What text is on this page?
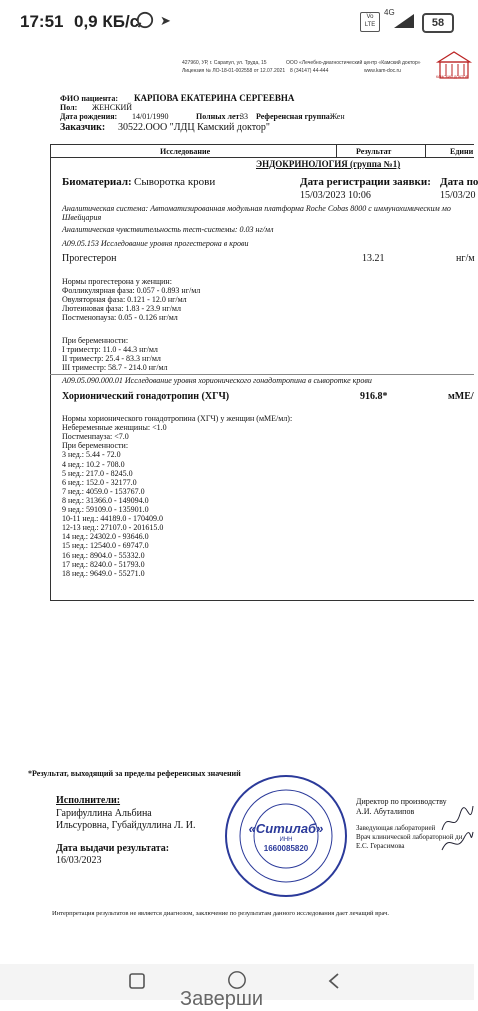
17:51 0,9 КБ/с ➤	Vo
LTE
4G
58
427960, УР, г. Сарапул, ул. Труда, 15
Лицензия № ЛО-18-01-002558 от 12.07.2021
ООО «Лечебно-диагностический центр «Камский доктор»
8 (34147) 44-444	www.kam-doc.ru
КАМСКИЙ ДОКТОР
ФИО пациента: КАРПОВА ЕКАТЕРИНА СЕРГЕЕВНА
Пол: ЖЕНСКИЙ
Дата рождения: 14/01/1990	Полных лет:
33 Референсная группа:
Жен
Заказчик: 30522.ООО "ЛДЦ Камский доктор"
Исследование	Результат	Едини
ЭНДОКРИНОЛОГИЯ (группа №1)
Биоматериал: Сыворотка крови	Дата регистрации заявки:
15/03/2023 10:06
Дата по
15/03/20
Аналитическая система: Автоматизированная модульная платформа Roche Cobas 8000 с иммунохимическим мо
Швейцария
Аналитическая чувствительность тест-системы: 0.03 нг/мл
А09.05.153 Исследование уровня прогестерона в крови
Прогестерон	13.21	нг/м
Нормы прогестерона у женщин:
Фолликулярная фаза: 0.057 - 0.893 нг/мл
Овуляторная фаза: 0.121 - 12.0 нг/мл
Лютеиновая фаза: 1.83 - 23.9 нг/мл
Постменопауза: 0.05 - 0.126 нг/мл
При беременности:
I триместр: 11.0 - 44.3 нг/мл
II триместр: 25.4 - 83.3 нг/мл
III триместр: 58.7 - 214.0 нг/мл
А09.05.090.000.01 Исследование уровня хорионического гонадотропина в сыворотке крови
Хорионический гонадотропин (ХГЧ)	916.8*	мМЕ/
Нормы хорионического гонадотропина (ХГЧ) у женщин (мМЕ/мл):
Небеременные женщины: <1.0
Постменпауза: <7.0
При беременности:
3 нед.: 5.44 - 72.0
4 нед.: 10.2 - 708.0
5 нед.: 217.0 - 8245.0
6 нед.: 152.0 - 32177.0
7 нед.: 4059.0 - 153767.0
8 нед.: 31366.0 - 149094.0
9 нед.: 59109.0 - 135901.0
10-11 нед.: 44189.0 - 170409.0
12-13 нед.: 27107.0 - 201615.0
14 нед.: 24302.0 - 93646.0
15 нед.: 12540.0 - 69747.0
16 нед.: 8904.0 - 55332.0
17 нед.: 8240.0 - 51793.0
18 нед.: 9649.0 - 55271.0
*Результат, выходящий за пределы референсных значений
Исполнители:
Гарифуллина Альбина
Ильсуровна, Губайдуллина Л. И.
Дата выдачи результата:
16/03/2023
Директор по производству
А.И. Абуталипов
Заведующая лабораторией
Врач клинической лабораторной ди
Е.С. Герасимова
«Ситилаб»
ИНН
1660085820
Интерпретация результатов не является диагнозом, заключение по результатам данного исследования дает лечащий врач.
Заверши
